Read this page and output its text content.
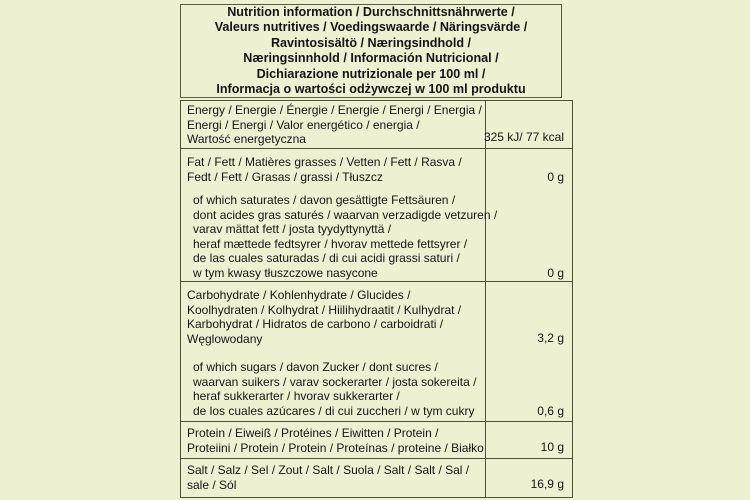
Nutrition information / Durchschnittsnährwerte /
Valeurs nutritives / Voedingswaarde / Näringsvärde /
Ravintosisältö / Næringsindhold /
Næringsinnhold / Información Nutricional /
Dichiarazione nutrizionale per 100 ml /
Informacja o wartości odżywczej w 100 ml produktu
Energy / Energie / Énergie / Energie / Energi / Energia /
Energi / Energi / Valor energético / energia /
Wartość energetyczna	325 kJ/ 77 kcal
Fat / Fett / Matières grasses / Vetten / Fett / Rasva /
Fedt / Fett / Grasas / grassi / Tłuszcz	0 g
of which saturates / davon gesättigte Fettsäuren /
dont acides gras saturés / waarvan verzadigde vetzuren /
varav mättat fett / josta tyydyttynyttä /
heraf mættede fedtsyrer / hvorav mettede fettsyrer /
de las cuales saturadas / di cui acidi grassi saturi /
w tym kwasy tłuszczowe nasycone	0 g
Carbohydrate / Kohlenhydrate / Glucides /
Koolhydraten / Kolhydrat / Hiilihydraatit / Kulhydrat /
Karbohydrat / Hidratos de carbono / carboidrati /
Węglowodany	3,2 g
of which sugars / davon Zucker / dont sucres /
waarvan suikers / varav sockerarter / josta sokereita /
heraf sukkerarter / hvorav sukkerarter /
de los cuales azúcares / di cui zuccheri / w tym cukry	0,6 g
Protein / Eiweiß / Protéines / Eiwitten / Protein /
Proteiini / Protein / Protein / Proteínas / proteine / Białko	10 g
Salt / Salz / Sel / Zout / Salt / Suola / Salt / Salt / Sal /
sale / Sól	16,9 g
